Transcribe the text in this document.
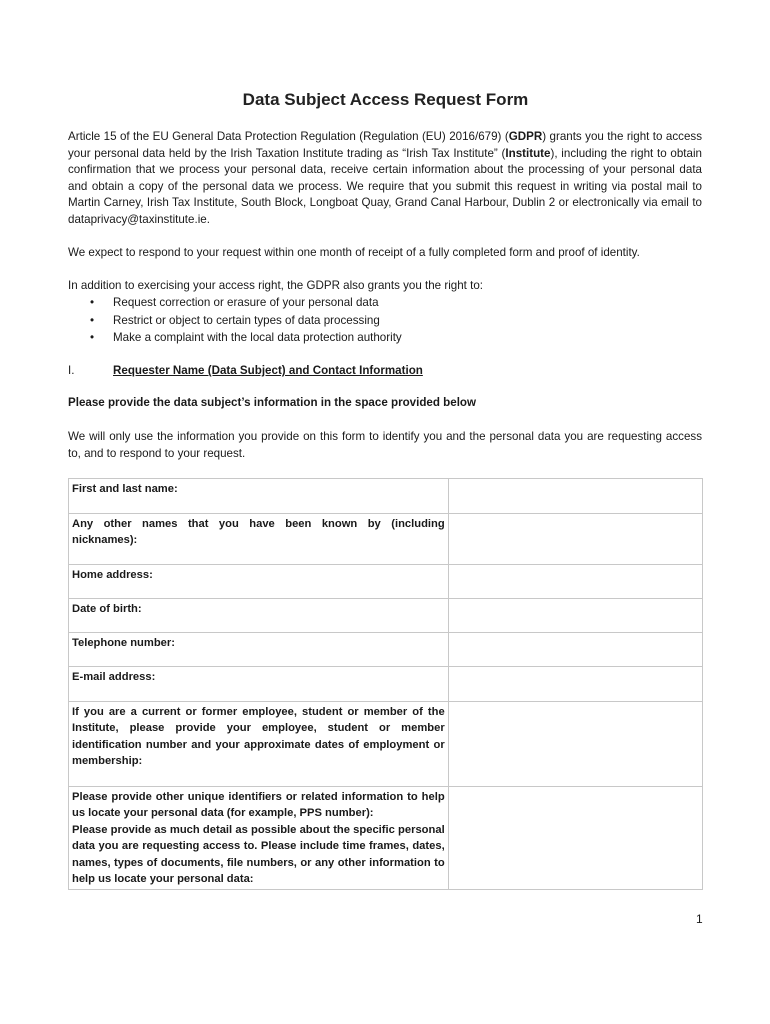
Data Subject Access Request Form

Article 15 of the EU General Data Protection Regulation (Regulation (EU) 2016/679) (GDPR) grants you the right to access your personal data held by the Irish Taxation Institute trading as “Irish Tax Institute” (Institute), including the right to obtain confirmation that we process your personal data, receive certain information about the processing of your personal data and obtain a copy of the personal data we process. We require that you submit this request in writing via postal mail to Martin Carney, Irish Tax Institute, South Block, Longboat Quay, Grand Canal Harbour, Dublin 2 or electronically via email to dataprivacy@taxinstitute.ie.

We expect to respond to your request within one month of receipt of a fully completed form and proof of identity.

In addition to exercising your access right, the GDPR also grants you the right to:

• Request correction or erasure of your personal data
• Restrict or object to certain types of data processing
• Make a complaint with the local data protection authority
I.	Requester Name (Data Subject) and Contact Information
Please provide the data subject’s information in the space provided below

We will only use the information you provide on this form to identify you and the personal data you are requesting access to, and to respond to your request.

First and last name:	
Any other names that you have been known by (including nicknames):	
Home address:	
Date of birth:	
Telephone number:	
E-mail address:	
If you are a current or former employee, student or member of the Institute, please provide your employee, student or member identification number and your approximate dates of employment or membership:	

Please provide other unique identifiers or related information to help us locate your personal data (for example, PPS number):
Please provide as much detail as possible about the specific personal data you are requesting access to. Please include time frames, dates, names, types of documents, file numbers, or any other information to help us locate your personal data:	

1
